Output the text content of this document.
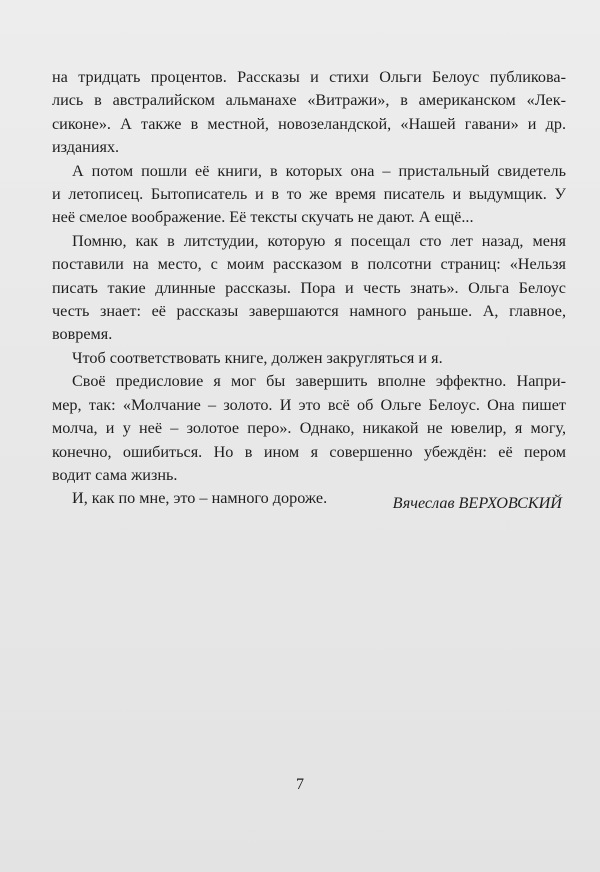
на тридцать процентов. Рассказы и стихи Ольги Белоус публикова-
лись в австралийском альманахе «Витражи», в американском «Лек-
сиконе». А также в местной, новозеландской, «Нашей гавани» и др.
изданиях.
А потом пошли её книги, в которых она – пристальный свидетель
и летописец. Бытописатель и в то же время писатель и выдумщик. У
неё смелое воображение. Её тексты скучать не дают. А ещё...
Помню, как в литстудии, которую я посещал сто лет назад, меня
поставили на место, с моим рассказом в полсотни страниц: «Нельзя
писать такие длинные рассказы. Пора и честь знать». Ольга Белоус
честь знает: её рассказы завершаются намного раньше. А, главное,
вовремя.
Чтоб соответствовать книге, должен закругляться и я.
Своё предисловие я мог бы завершить вполне эффектно. Напри-
мер, так: «Молчание – золото. И это всё об Ольге Белоус. Она пишет
молча, и у неё – золотое перо». Однако, никакой не ювелир, я могу,
конечно, ошибиться. Но в ином я совершенно убеждён: её пером
водит сама жизнь.
И, как по мне, это – намного дороже.	Вячеслав ВЕРХОВСКИЙ
7
